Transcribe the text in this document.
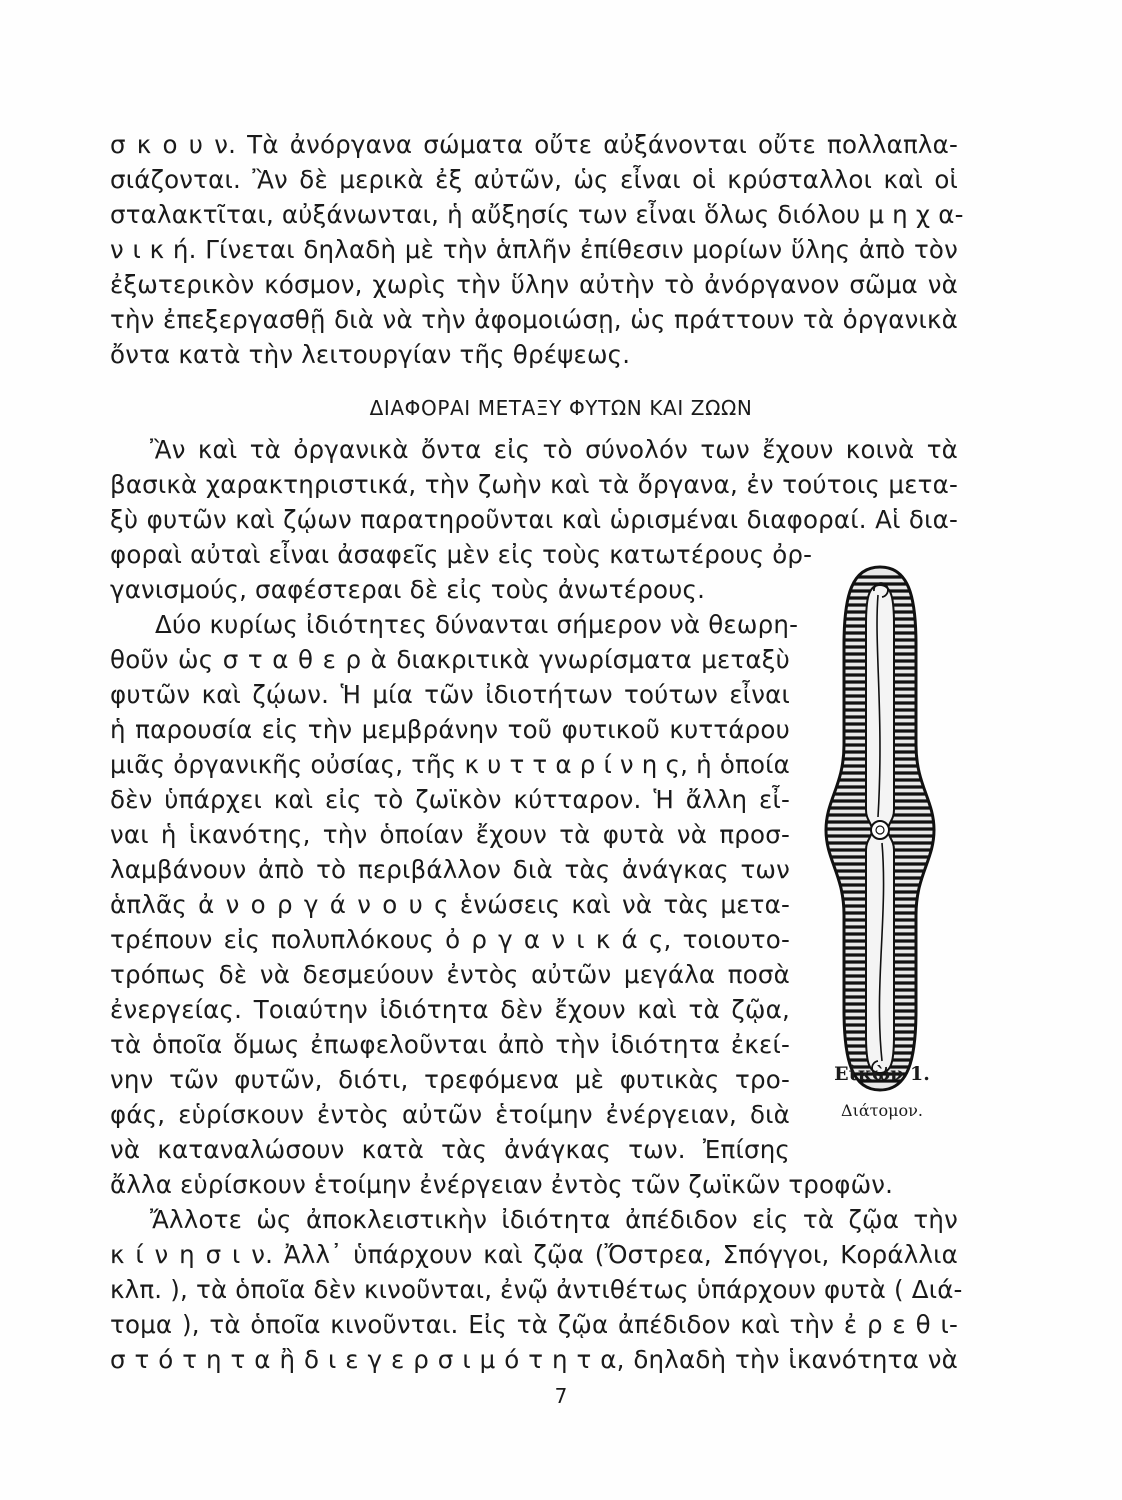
σ κ ο υ ν. Τὰ ἀνόργανα σώματα οὔτε αὐξάνονται οὔτε πολλαπλα-
σιάζονται. Ἂν δὲ μερικὰ ἐξ αὐτῶν, ὡς εἶναι οἱ κρύσταλλοι καὶ οἱ
σταλακτῖται, αὐξάνωνται, ἡ αὔξησίς των εἶναι ὅλως διόλου μ η χ α-
ν ι κ ή. Γίνεται δηλαδὴ μὲ τὴν ἁπλῆν ἐπίθεσιν μορίων ὕλης ἀπὸ τὸν
ἐξωτερικὸν κόσμον, χωρὶς τὴν ὕλην αὐτὴν τὸ ἀνόργανον σῶμα νὰ
τὴν ἐπεξεργασθῇ διὰ νὰ τὴν ἀφομοιώσῃ, ὡς πράττουν τὰ ὀργανικὰ
ὄντα κατὰ τὴν λειτουργίαν τῆς θρέψεως.
ΔΙΑΦΟΡΑΙ ΜΕΤΑΞΥ ΦΥΤΩΝ ΚΑΙ ΖΩΩΝ
Ἂν καὶ τὰ ὀργανικὰ ὄντα εἰς τὸ σύνολόν των ἔχουν κοινὰ τὰ
βασικὰ χαρακτηριστικά, τὴν ζωὴν καὶ τὰ ὄργανα, ἐν τούτοις μετα-
ξὺ φυτῶν καὶ ζῴων παρατηροῦνται καὶ ὡρισμέναι διαφοραί. Αἱ δια-
φοραὶ αὐταὶ εἶναι ἀσαφεῖς μὲν εἰς τοὺς κατωτέρους ὀρ-
γανισμούς, σαφέστεραι δὲ εἰς τοὺς ἀνωτέρους.
Δύο κυρίως ἰδιότητες δύνανται σήμερον νὰ θεωρη-
θοῦν ὡς σ τ α θ ε ρ ὰ διακριτικὰ γνωρίσματα μεταξὺ
φυτῶν καὶ ζῴων. Ἡ μία τῶν ἰδιοτήτων τούτων εἶναι
ἡ παρουσία εἰς τὴν μεμβράνην τοῦ φυτικοῦ κυττάρου
μιᾶς ὀργανικῆς οὐσίας, τῆς κ υ τ τ α ρ ί ν η ς, ἡ ὁποία
δὲν ὑπάρχει καὶ εἰς τὸ ζωϊκὸν κύτταρον. Ἡ ἄλλη εἶ-
ναι ἡ ἱκανότης, τὴν ὁποίαν ἔχουν τὰ φυτὰ νὰ προσ-
λαμβάνουν ἀπὸ τὸ περιβάλλον διὰ τὰς ἀνάγκας των
ἁπλᾶς ἀ ν ο ρ γ ά ν ο υ ς ἑνώσεις καὶ νὰ τὰς μετα-
τρέπουν εἰς πολυπλόκους ὀ ρ γ α ν ι κ ά ς, τοιουτο-
τρόπως δὲ νὰ δεσμεύουν ἐντὸς αὐτῶν μεγάλα ποσὰ
ἐνεργείας. Τοιαύτην ἰδιότητα δὲν ἔχουν καὶ τὰ ζῷα,
τὰ ὁποῖα ὅμως ἐπωφελοῦνται ἀπὸ τὴν ἰδιότητα ἐκεί-
νην τῶν φυτῶν, διότι, τρεφόμενα μὲ φυτικὰς τρο-
φάς, εὑρίσκουν ἐντὸς αὐτῶν ἑτοίμην ἐνέργειαν, διὰ
νὰ καταναλώσουν κατὰ τὰς ἀνάγκας των. Ἐπίσης
ἄλλα εὑρίσκουν ἑτοίμην ἐνέργειαν ἐντὸς τῶν ζωϊκῶν τροφῶν.
Ἄλλοτε ὡς ἀποκλειστικὴν ἰδιότητα ἀπέδιδον εἰς τὰ ζῷα τὴν
κ ί ν η σ ι ν. Ἀλλ᾿ ὑπάρχουν καὶ ζῷα (Ὄστρεα, Σπόγγοι, Κοράλλια
κλπ. ), τὰ ὁποῖα δὲν κινοῦνται, ἐνῷ ἀντιθέτως ὑπάρχουν φυτὰ ( Διά-
τομα ), τὰ ὁποῖα κινοῦνται. Εἰς τὰ ζῷα ἀπέδιδον καὶ τὴν ἐ ρ ε θ ι-
σ τ ό τ η τ α ἢ δ ι ε γ ε ρ σ ι μ ό τ η τ α, δηλαδὴ τὴν ἱκανότητα νὰ
Εἰκὼν 1.
Διάτομον.
7
